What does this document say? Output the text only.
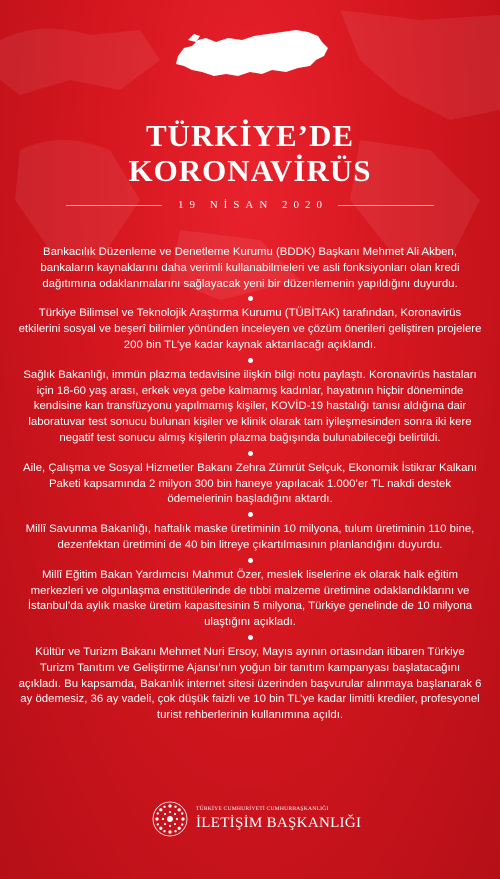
TÜRKİYE’DE
KORONAVİRÜS
19 NİSAN 2020

Bankacılık Düzenleme ve Denetleme Kurumu (BDDK) Başkanı Mehmet Ali Akben, bankaların kaynaklarını daha verimli kullanabilmeleri ve asli fonksiyonları olan kredi dağıtımına odaklanmalarını sağlayacak yeni bir düzenlemenin yapıldığını duyurdu.

Türkiye Bilimsel ve Teknolojik Araştırma Kurumu (TÜBİTAK) tarafından, Koronavirüs etkilerini sosyal ve beşerî bilimler yönünden inceleyen ve çözüm önerileri geliştiren projelere 200 bin TL’ye kadar kaynak aktarılacağı açıklandı.

Sağlık Bakanlığı, immün plazma tedavisine ilişkin bilgi notu paylaştı. Koronavirüs hastaları için 18-60 yaş arası, erkek veya gebe kalmamış kadınlar, hayatının hiçbir döneminde kendisine kan transfüzyonu yapılmamış kişiler, KOVİD-19 hastalığı tanısı aldığına dair laboratuvar test sonucu bulunan kişiler ve klinik olarak tam iyileşmesinden sonra iki kere negatif test sonucu almış kişilerin plazma bağışında bulunabileceği belirtildi.

Aile, Çalışma ve Sosyal Hizmetler Bakanı Zehra Zümrüt Selçuk, Ekonomik İstikrar Kalkanı Paketi kapsamında 2 milyon 300 bin haneye yapılacak 1.000’er TL nakdi destek ödemelerinin başladığını aktardı.

Millî Savunma Bakanlığı, haftalık maske üretiminin 10 milyona, tulum üretiminin 110 bine, dezenfektan üretimini de 40 bin litreye çıkartılmasının planlandığını duyurdu.

Millî Eğitim Bakan Yardımcısı Mahmut Özer, meslek liselerine ek olarak halk eğitim merkezleri ve olgunlaşma enstitülerinde de tıbbi malzeme üretimine odaklandıklarını ve İstanbul’da aylık maske üretim kapasitesinin 5 milyona, Türkiye genelinde de 10 milyona ulaştığını açıkladı.

Kültür ve Turizm Bakanı Mehmet Nuri Ersoy, Mayıs ayının ortasından itibaren Türkiye Turizm Tanıtım ve Geliştirme Ajansı’nın yoğun bir tanıtım kampanyası başlatacağını açıkladı. Bu kapsamda, Bakanlık internet sitesi üzerinden başvurular alınmaya başlanarak 6 ay ödemesiz, 36 ay vadeli, çok düşük faizli ve 10 bin TL’ye kadar limitli krediler, profesyonel turist rehberlerinin kullanımına açıldı.

TÜRKİYE CUMHURİYETİ CUMHURBAŞKANLIĞI

İLETİŞİM BAŞKANLIĞI
